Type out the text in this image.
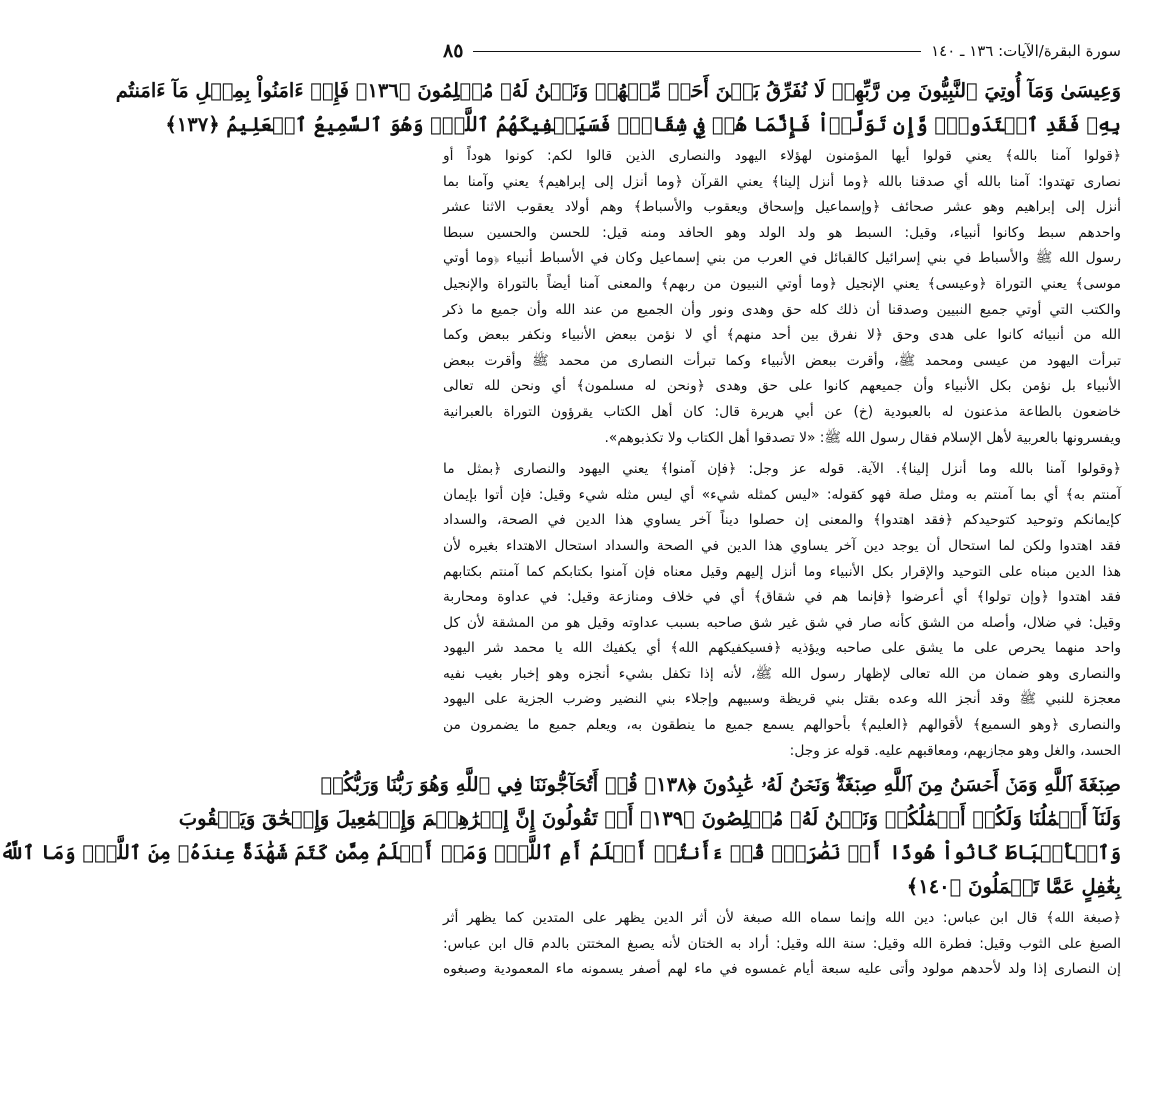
سورة البقرة/الآيات: ١٣٦ ـ ١٤٠
٨٥
وَعِيسَىٰ وَمَآ أُوتِيَ ٱلنَّبِيُّونَ مِن رَّبِّهِمۡ لَا نُفَرِّقُ بَيۡنَ أَحَدٖ مِّنۡهُمۡ وَنَحۡنُ لَهُۥ مُسۡلِمُونَ ﴿١٣٦﴾ فَإِنۡ ءَامَنُواْ بِمِثۡلِ مَآ ءَامَنتُم
بِهِۦ فَقَدِ ٱهۡتَدَواْۖ وَّإِن تَوَلَّوۡاْ فَإِنَّمَا هُمۡ فِي شِقَاقٖۖ فَسَيَكۡفِيكَهُمُ ٱللَّهُۚ وَهُوَ ٱلسَّمِيعُ ٱلۡعَلِيمُ ﴿١٣٧﴾
﴿قولوا آمنا بالله﴾ يعني قولوا أيها المؤمنون لهؤلاء اليهود والنصارى الذين قالوا لكم: كونوا هوداً أو
نصارى تهتدوا: آمنا بالله أي صدقنا بالله ﴿وما أنزل إلينا﴾ يعني القرآن ﴿وما أنزل إلى إبراهيم﴾ يعني وآمنا بما
أنزل إلى إبراهيم وهو عشر صحائف ﴿وإسماعيل وإسحاق ويعقوب والأسباط﴾ وهم أولاد يعقوب الاثنا عشر
واحدهم سبط وكانوا أنبياء، وقيل: السبط هو ولد الولد وهو الحافد ومنه قيل: للحسن والحسين سبطا
رسول الله ﷺ والأسباط في بني إسرائيل كالقبائل في العرب من بني إسماعيل وكان في الأسباط أنبياء ﴿وما أوتي
موسى﴾ يعني التوراة ﴿وعيسى﴾ يعني الإنجيل ﴿وما أوتي النبيون من ربهم﴾ والمعنى آمنا أيضاً بالتوراة والإنجيل
والكتب التي أوتي جميع النبيين وصدقنا أن ذلك كله حق وهدى ونور وأن الجميع من عند الله وأن جميع ما ذكر
الله من أنبيائه كانوا على هدى وحق ﴿لا نفرق بين أحد منهم﴾ أي لا نؤمن ببعض الأنبياء ونكفر ببعض وكما
تبرأت اليهود من عيسى ومحمد ﷺ، وأقرت ببعض الأنبياء وكما تبرأت النصارى من محمد ﷺ وأقرت ببعض
الأنبياء بل نؤمن بكل الأنبياء وأن جميعهم كانوا على حق وهدى ﴿ونحن له مسلمون﴾ أي ونحن لله تعالى
خاضعون بالطاعة مذعنون له بالعبودية (خ) عن أبي هريرة قال: كان أهل الكتاب يقرؤون التوراة بالعبرانية
ويفسرونها بالعربية لأهل الإسلام فقال رسول الله ﷺ: «لا تصدقوا أهل الكتاب ولا تكذبوهم».
﴿وقولوا آمنا بالله وما أنزل إلينا﴾. الآية. قوله عز وجل: ﴿فإن آمنوا﴾ يعني اليهود والنصارى ﴿بمثل ما
آمنتم به﴾ أي بما آمنتم به ومثل صلة فهو كقوله: «ليس كمثله شيء» أي ليس مثله شيء وقيل: فإن أتوا بإيمان
كإيمانكم وتوحيد كتوحيدكم ﴿فقد اهتدوا﴾ والمعنى إن حصلوا ديناً آخر يساوي هذا الدين في الصحة، والسداد
فقد اهتدوا ولكن لما استحال أن يوجد دين آخر يساوي هذا الدين في الصحة والسداد استحال الاهتداء بغيره لأن
هذا الدين مبناه على التوحيد والإقرار بكل الأنبياء وما أنزل إليهم وقيل معناه فإن آمنوا بكتابكم كما آمنتم بكتابهم
فقد اهتدوا ﴿وإن تولوا﴾ أي أعرضوا ﴿فإنما هم في شقاق﴾ أي في خلاف ومنازعة وقيل: في عداوة ومحاربة
وقيل: في ضلال، وأصله من الشق كأنه صار في شق غير شق صاحبه بسبب عداوته وقيل هو من المشقة لأن كل
واحد منهما يحرص على ما يشق على صاحبه ويؤذيه ﴿فسيكفيكهم الله﴾ أي يكفيك الله يا محمد شر اليهود
والنصارى وهو ضمان من الله تعالى لإظهار رسول الله ﷺ، لأنه إذا تكفل بشيء أنجزه وهو إخبار بغيب نفيه
معجزة للنبي ﷺ وقد أنجز الله وعده بقتل بني قريظة وسبيهم وإجلاء بني النضير وضرب الجزية على اليهود
والنصارى ﴿وهو السميع﴾ لأقوالهم ﴿العليم﴾ بأحوالهم يسمع جميع ما ينطقون به، ويعلم جميع ما يضمرون من
الحسد، والغل وهو مجازيهم، ومعاقبهم عليه. قوله عز وجل:
صِبۡغَةَ ٱللَّهِ وَمَنۡ أَحۡسَنُ مِنَ ٱللَّهِ صِبۡغَةٗۖ وَنَحۡنُ لَهُۥ عَٰبِدُونَ ﴿١٣٨﴾ قُلۡ أَتُحَآجُّونَنَا فِي ٱللَّهِ وَهُوَ رَبُّنَا وَرَبُّكُمۡ
وَلَنَآ أَعۡمَٰلُنَا وَلَكُمۡ أَعۡمَٰلُكُمۡ وَنَحۡنُ لَهُۥ مُخۡلِصُونَ ﴿١٣٩﴾ أَمۡ تَقُولُونَ إِنَّ إِبۡرَٰهِـۧمَ وَإِسۡمَٰعِيلَ وَإِسۡحَٰقَ وَيَعۡقُوبَ
وَٱلۡأَسۡبَاطَ كَانُواْ هُودًا أَوۡ نَصَٰرَىٰۗ قُلۡ ءَأَنتُمۡ أَعۡلَمُ أَمِ ٱللَّهُۗ وَمَنۡ أَظۡلَمُ مِمَّن كَتَمَ شَهَٰدَةً عِندَهُۥ مِنَ ٱللَّهِۗ وَمَا ٱللَّهُ
بِغَٰفِلٍ عَمَّا تَعۡمَلُونَ ﴿١٤٠﴾
﴿صبغة الله﴾ قال ابن عباس: دين الله وإنما سماه الله صبغة لأن أثر الدين يظهر على المتدين كما يظهر أثر
الصبغ على الثوب وقيل: فطرة الله وقيل: سنة الله وقيل: أراد به الختان لأنه يصبغ المختتن بالدم قال ابن عباس:
إن النصارى إذا ولد لأحدهم مولود وأتى عليه سبعة أيام غمسوه في ماء لهم أصفر يسمونه ماء المعمودية وصبغوه
